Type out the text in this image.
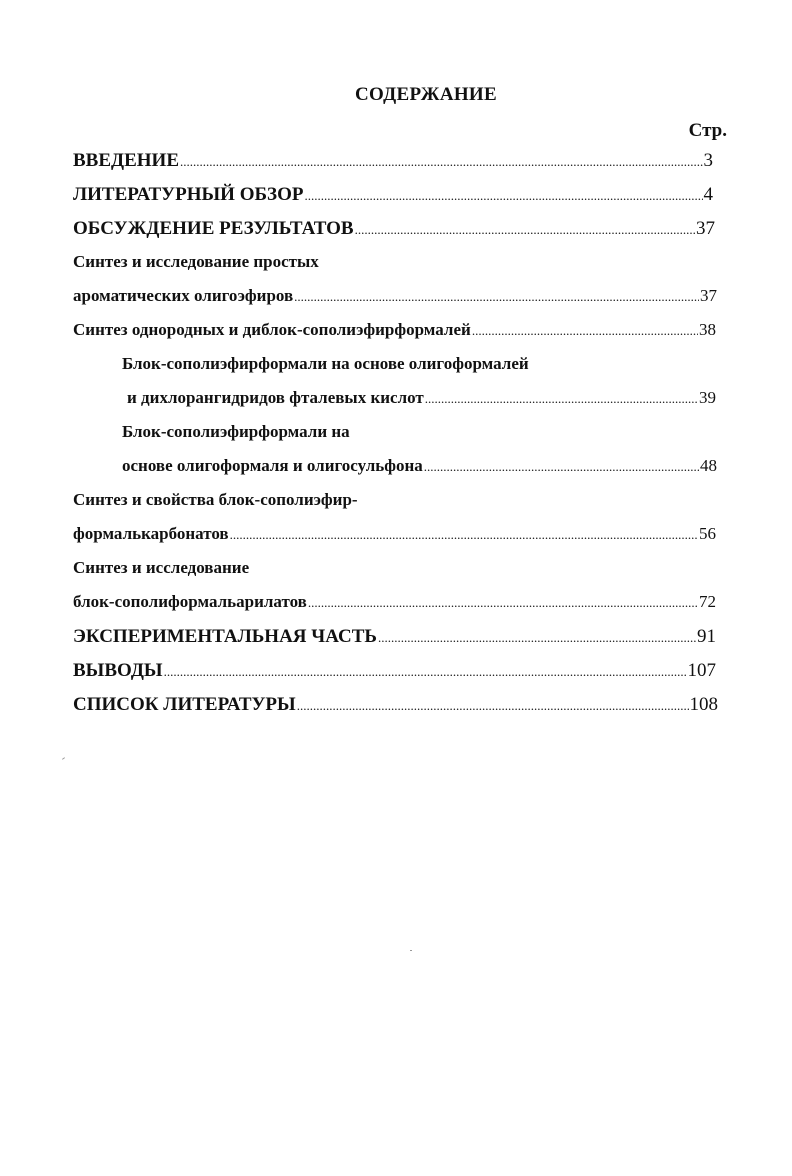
СОДЕРЖАНИЕ
Стр.
ВВЕДЕНИЕ .....	3
ЛИТЕРАТУРНЫЙ ОБЗОР .....	4
ОБСУЖДЕНИЕ РЕЗУЛЬТАТОВ .....	37
Синтез и исследование простых
ароматических олигоэфиров .....	37
Синтез однородных и диблок-сополиэфирформалей .....	38
Блок-сополиэфирформали на основе олигоформалей
и дихлорангидридов фталевых кислот .....	39
Блок-сополиэфирформали на
основе олигоформаля и олигосульфона .....	48
Синтез и свойства блок-сополиэфир-
формалькарбонатов .....	56
Синтез и исследование
блок-сополиформальарилатов .....	72
ЭКСПЕРИМЕНТАЛЬНАЯ ЧАСТЬ .....	91
ВЫВОДЫ .....	107
СПИСОК ЛИТЕРАТУРЫ .....	108
